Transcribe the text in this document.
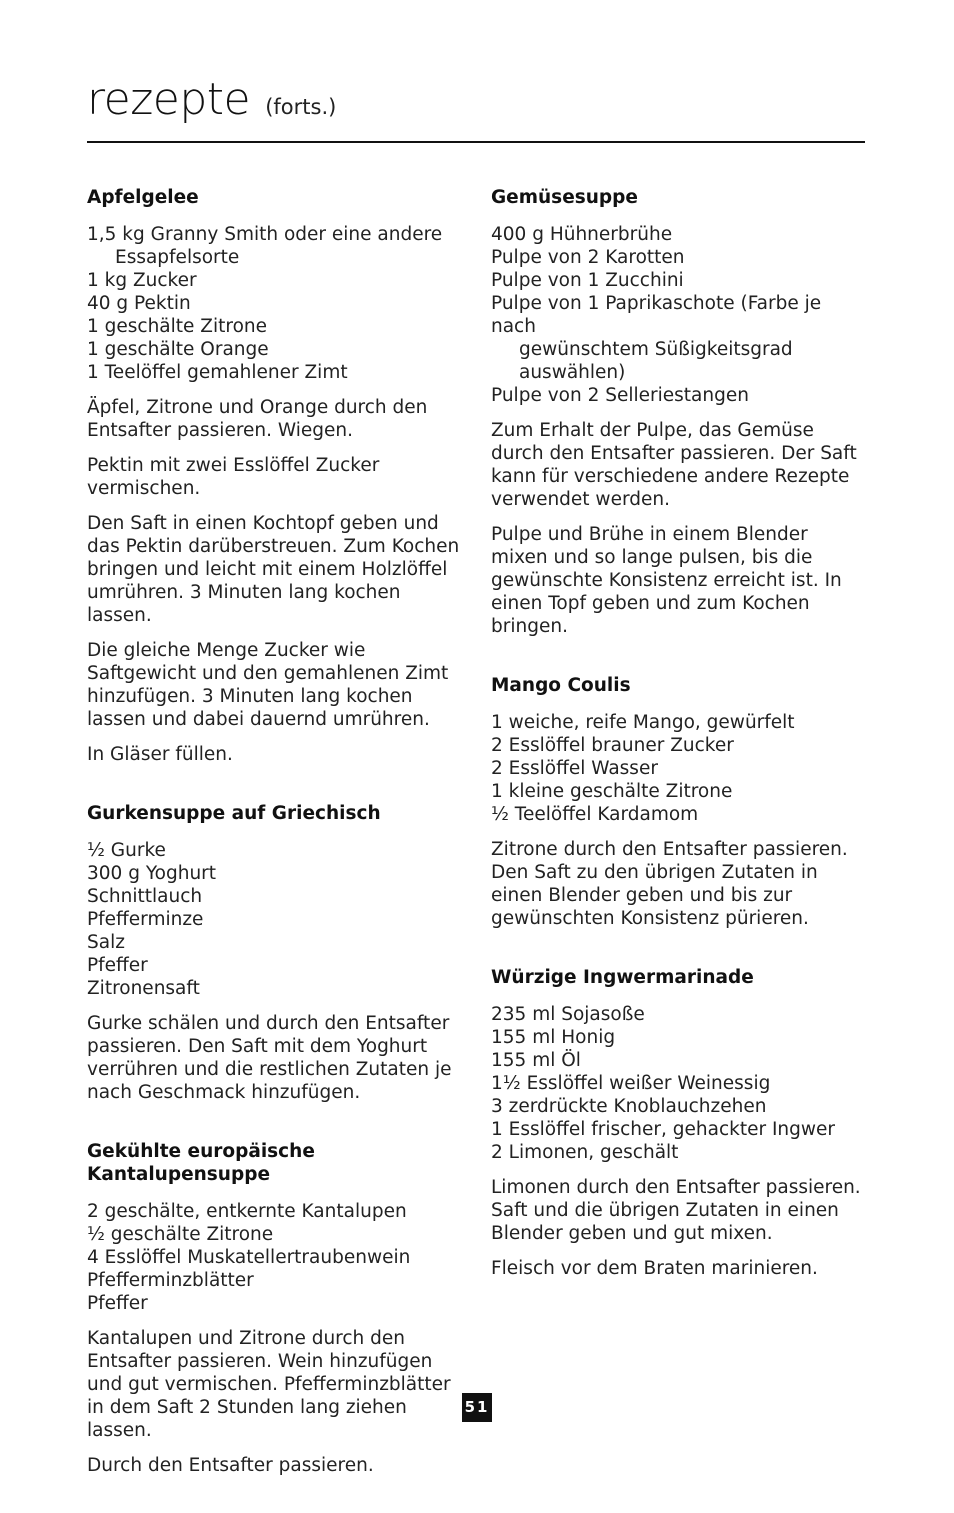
rezepte (forts.)
Apfelgelee
1,5 kg Granny Smith oder eine andere
Essapfelsorte
1 kg Zucker
40 g Pektin
1 geschälte Zitrone
1 geschälte Orange
1 Teelöffel gemahlener Zimt

Äpfel, Zitrone und Orange durch den Entsafter passieren. Wiegen.

Pektin mit zwei Esslöffel Zucker vermischen.

Den Saft in einen Kochtopf geben und das Pektin darüberstreuen. Zum Kochen bringen und leicht mit einem Holzlöffel umrühren. 3 Minuten lang kochen lassen.

Die gleiche Menge Zucker wie Saftgewicht und den gemahlenen Zimt hinzufügen. 3 Minuten lang kochen lassen und dabei dauernd umrühren.

In Gläser füllen.

Gurkensuppe auf Griechisch
½ Gurke
300 g Yoghurt
Schnittlauch
Pfefferminze
Salz
Pfeffer
Zitronensaft

Gurke schälen und durch den Entsafter passieren. Den Saft mit dem Yoghurt verrühren und die restlichen Zutaten je nach Geschmack hinzufügen.

Gekühlte europäische Kantalupensuppe
2 geschälte, entkernte Kantalupen
½ geschälte Zitrone
4 Esslöffel Muskatellertraubenwein
Pfefferminzblätter
Pfeffer

Kantalupen und Zitrone durch den Entsafter passieren. Wein hinzufügen und gut vermischen. Pfefferminzblätter in dem Saft 2 Stunden lang ziehen lassen.

Durch den Entsafter passieren.

Gemüsesuppe
400 g Hühnerbrühe
Pulpe von 2 Karotten
Pulpe von 1 Zucchini
Pulpe von 1 Paprikaschote (Farbe je nach
gewünschtem Süßigkeitsgrad auswählen)
Pulpe von 2 Selleriestangen

Zum Erhalt der Pulpe, das Gemüse durch den Entsafter passieren. Der Saft kann für verschiedene andere Rezepte verwendet werden.

Pulpe und Brühe in einem Blender mixen und so lange pulsen, bis die gewünschte Konsistenz erreicht ist. In einen Topf geben und zum Kochen bringen.

Mango Coulis
1 weiche, reife Mango, gewürfelt
2 Esslöffel brauner Zucker
2 Esslöffel Wasser
1 kleine geschälte Zitrone
½ Teelöffel Kardamom

Zitrone durch den Entsafter passieren. Den Saft zu den übrigen Zutaten in einen Blender geben und bis zur gewünschten Konsistenz pürieren.

Würzige Ingwermarinade
235 ml Sojasoße
155 ml Honig
155 ml Öl
1½ Esslöffel weißer Weinessig
3 zerdrückte Knoblauchzehen
1 Esslöffel frischer, gehackter Ingwer
2 Limonen, geschält

Limonen durch den Entsafter passieren. Saft und die übrigen Zutaten in einen Blender geben und gut mixen.

Fleisch vor dem Braten marinieren.

51
